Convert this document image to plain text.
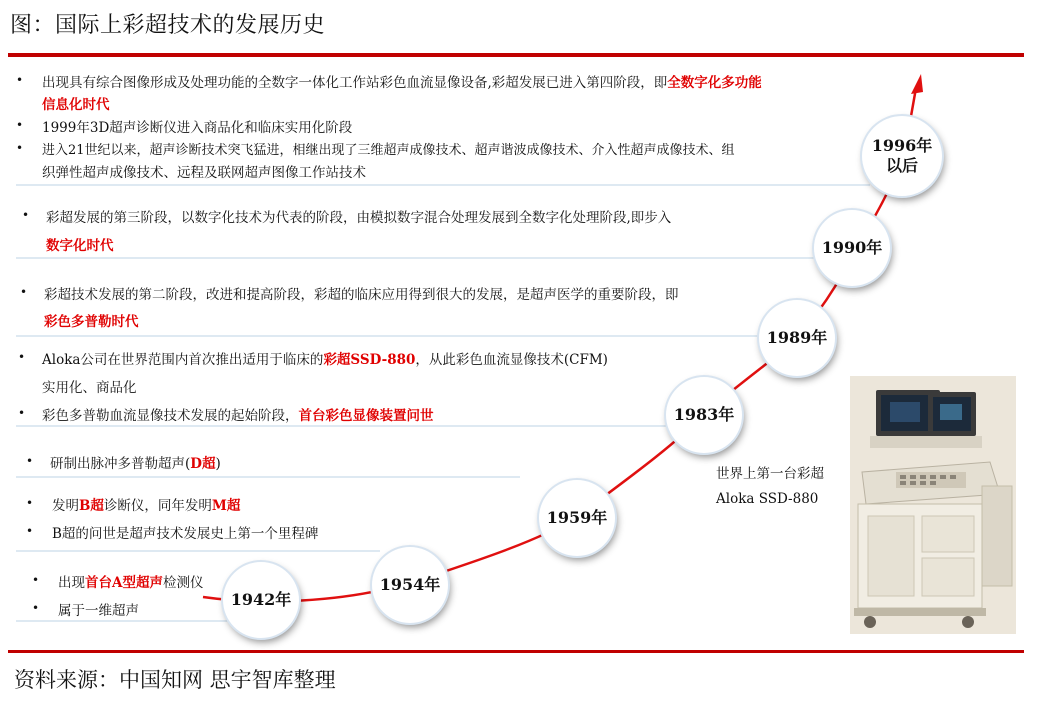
图：国际上彩超技术的发展历史
1942年
1954年
1959年
1983年
1989年
1990年
1996年
以后
• 出现具有综合图像形成及处理功能的全数字一体化工作站彩色血流显像设备,彩超发展已进入第四阶段，即全数字化多功能
信息化时代
• 1999年3D超声诊断仪进入商品化和临床实用化阶段
• 进入21世纪以来，超声诊断技术突飞猛进，相继出现了三维超声成像技术、超声谐波成像技术、介入性超声成像技术、组
织弹性超声成像技术、远程及联网超声图像工作站技术
• 彩超发展的第三阶段，以数字化技术为代表的阶段，由模拟数字混合处理发展到全数字化处理阶段,即步入
数字化时代
• 彩超技术发展的第二阶段，改进和提高阶段，彩超的临床应用得到很大的发展，是超声医学的重要阶段，即
彩色多普勒时代
• Aloka公司在世界范围内首次推出适用于临床的彩超SSD-880，从此彩色血流显像技术(CFM)
实用化、商品化
• 彩色多普勒血流显像技术发展的起始阶段，首台彩色显像装置问世
• 研制出脉冲多普勒超声(D超)
• 发明B超诊断仪，同年发明M超
• B超的问世是超声技术发展史上第一个里程碑
• 出现首台A型超声检测仪
• 属于一维超声
世界上第一台彩超
Aloka SSD-880
资料来源：中国知网 思宇智库整理
